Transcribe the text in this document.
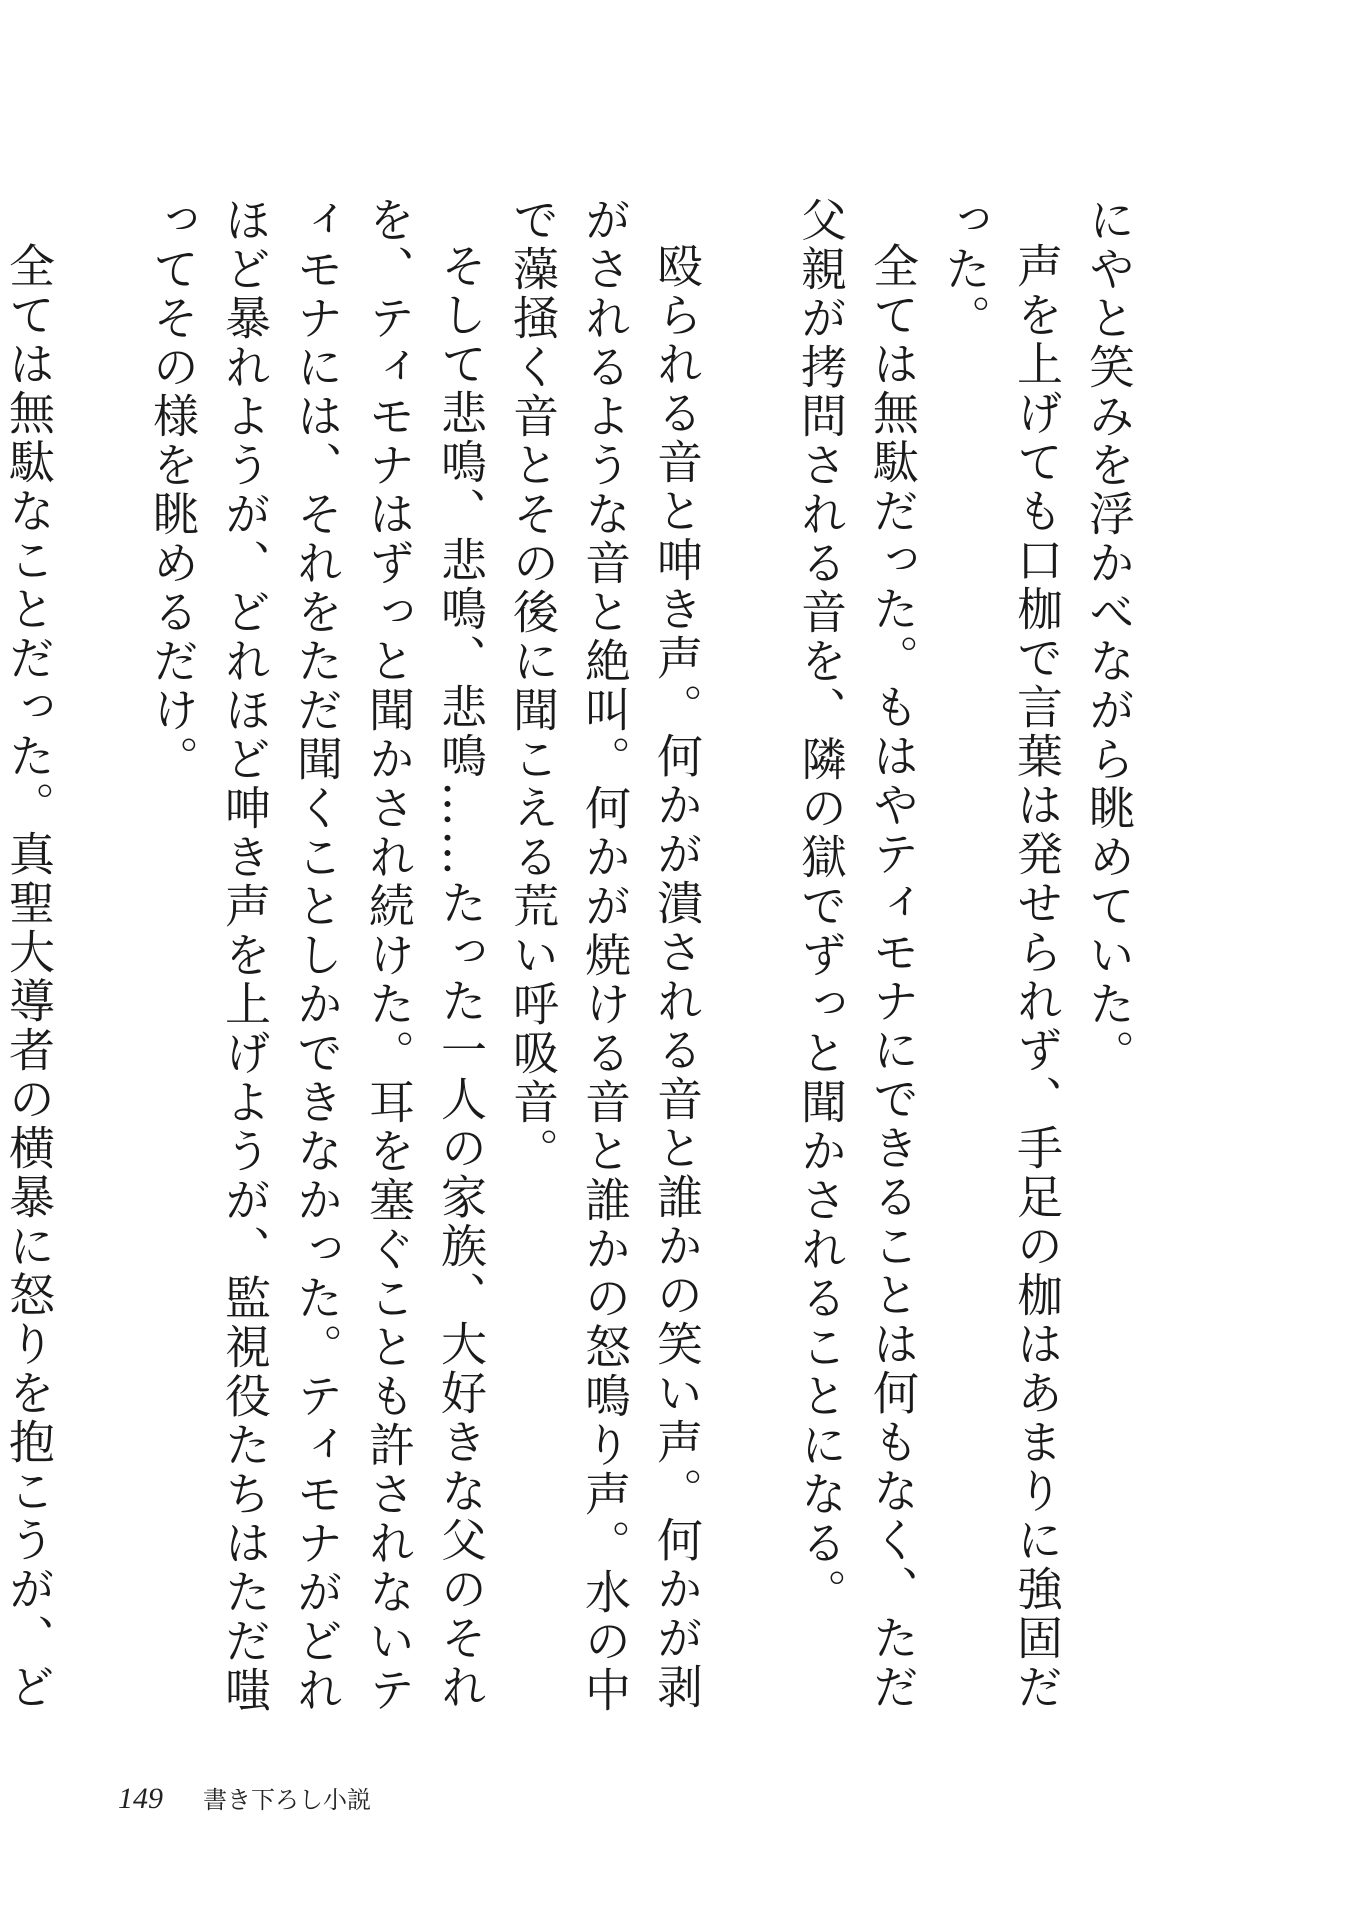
にやと笑みを浮かべながら眺めていた。

声を上げても口枷で言葉は発せられず、手足の枷はあまりに強固だった。

全ては無駄だった。もはやティモナにできることは何もなく、ただ父親が拷問される音を、隣の獄でずっと聞かされることになる。

殴られる音と呻き声。何かが潰される音と誰かの笑い声。何かが剥がされるような音と絶叫。何かが焼ける音と誰かの怒鳴り声。水の中で藻掻く音とその後に聞こえる荒い呼吸音。

そして悲鳴、悲鳴、悲鳴……たった一人の家族、大好きな父のそれを、ティモナはずっと聞かされ続けた。耳を塞ぐことも許されないティモナには、それをただ聞くことしかできなかった。ティモナがどれほど暴れようが、どれほど呻き声を上げようが、監視役たちはただ嗤ってその様を眺めるだけ。

全ては無駄なことだった。真聖大導者の横暴に怒りを抱こうが、ど

149 書き下ろし小説
